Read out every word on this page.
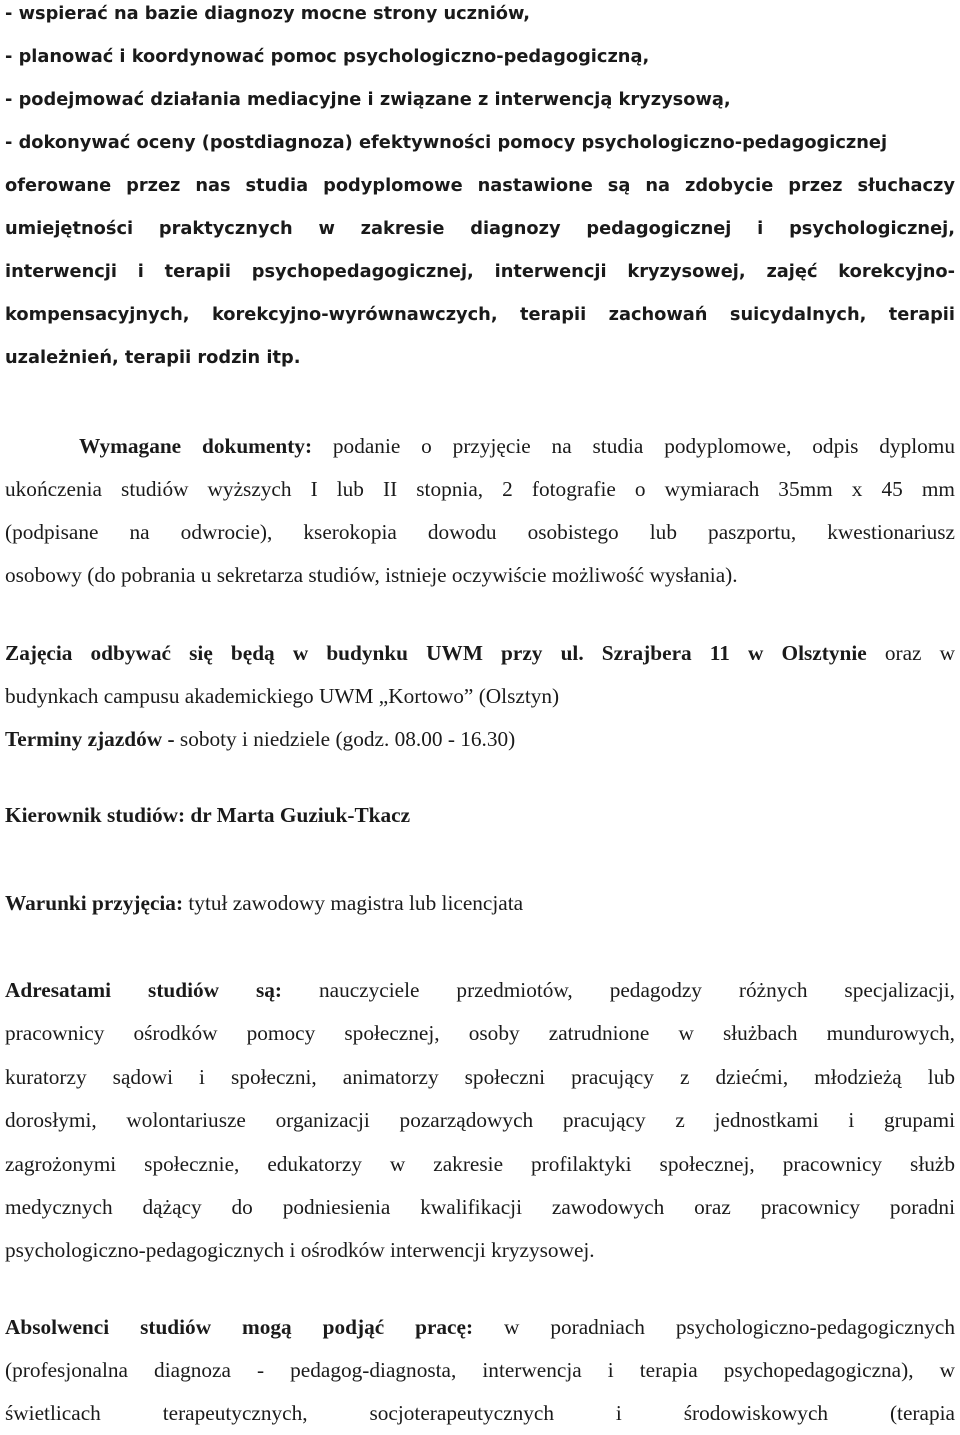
- wspierać na bazie diagnozy mocne strony uczniów,
- planować i koordynować pomoc psychologiczno-pedagogiczną,
- podejmować działania mediacyjne i związane z interwencją kryzysową,
- dokonywać oceny (postdiagnoza) efektywności pomocy psychologiczno-pedagogicznej
oferowane przez nas studia podyplomowe nastawione są na zdobycie przez słuchaczy
umiejętności praktycznych w zakresie diagnozy pedagogicznej i psychologicznej,
interwencji i terapii psychopedagogicznej, interwencji kryzysowej, zajęć korekcyjno-
kompensacyjnych, korekcyjno-wyrównawczych, terapii zachowań suicydalnych, terapii
uzależnień, terapii rodzin itp.
Wymagane dokumenty: podanie o przyjęcie na studia podyplomowe, odpis dyplomu
ukończenia studiów wyższych I lub II stopnia, 2 fotografie o wymiarach 35mm x 45 mm
(podpisane na odwrocie), kserokopia dowodu osobistego lub paszportu, kwestionariusz
osobowy (do pobrania u sekretarza studiów, istnieje oczywiście możliwość wysłania).
Zajęcia odbywać się będą w budynku UWM przy ul. Szrajbera 11 w Olsztynie oraz w
budynkach campusu akademickiego UWM „Kortowo” (Olsztyn)
Terminy zjazdów - soboty i niedziele (godz. 08.00 - 16.30)
Kierownik studiów: dr Marta Guziuk-Tkacz
Warunki przyjęcia: tytuł zawodowy magistra lub licencjata
Adresatami studiów są: nauczyciele przedmiotów, pedagodzy różnych specjalizacji,
pracownicy ośrodków pomocy społecznej, osoby zatrudnione w służbach mundurowych,
kuratorzy sądowi i społeczni, animatorzy społeczni pracujący z dziećmi, młodzieżą lub
dorosłymi, wolontariusze organizacji pozarządowych pracujący z jednostkami i grupami
zagrożonymi społecznie, edukatorzy w zakresie profilaktyki społecznej, pracownicy służb
medycznych dążący do podniesienia kwalifikacji zawodowych oraz pracownicy poradni
psychologiczno-pedagogicznych i ośrodków interwencji kryzysowej.
Absolwenci studiów mogą podjąć pracę: w poradniach psychologiczno-pedagogicznych
(profesjonalna diagnoza - pedagog-diagnosta, interwencja i terapia psychopedagogiczna), w
świetlicach terapeutycznych, socjoterapeutycznych i środowiskowych (terapia
